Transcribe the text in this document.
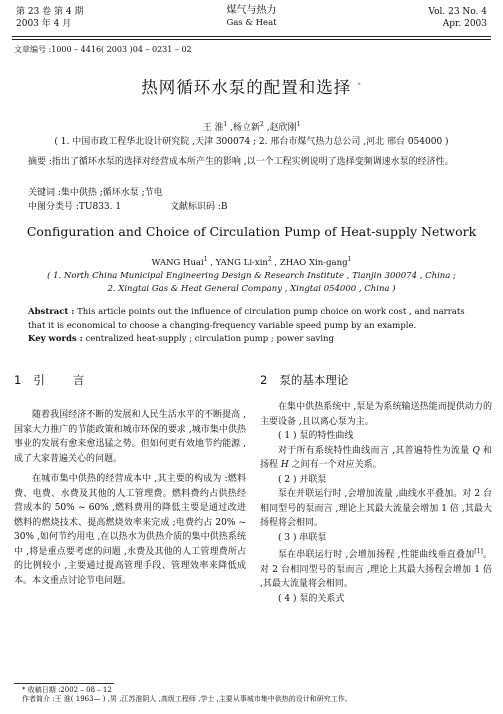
第 23 卷 第 4 期
2003 年 4 月
煤气与热力
Gas & Heat
Vol. 23 No. 4
Apr. 2003
文章编号 :1000 – 4416( 2003 )04 – 0231 – 02
热网循环水泵的配置和选择 *
王 淮$^1$ ,杨立新$^2$ ,赵欣刚$^1$
( 1. 中国市政工程华北设计研究院 ,天津 300074 ; 2. 邢台市煤气热力总公司 ,河北 邢台 054000 )
摘要 :指出了循环水泵的选择对经营成本所产生的影响 ,以一个工程实例说明了选择变频调速水泵的经济性。
关键词 :集中供热 ;循环水泵 ;节电
中图分类号 :TU833. 1	文献标识码 :B
Configuration and Choice of Circulation Pump of Heat-supply Network
WANG Huai$^1$ , YANG Li-xin$^2$ , ZHAO Xin-gang$^1$
( 1. North China Municipal Engineering Design & Research Institute , Tianjin 300074 , China ;
2. Xingtai Gas & Heat General Company , Xingtai 054000 , China )
Abstract : This article points out the influence of circulation pump choice on work cost , and narrats that it is economical to choose a changing-frequency variable speed pump by an example.
Key words : centralized heat-supply ; circulation pump ; power saving
1 引言	2 泵的基本理论

随着我国经济不断的发展和人民生活水平的不断提高 ,国家大力推广的节能政策和城市环保的要求 ,城市集中供热事业的发展有愈来愈迅猛之势。但如何更有效地节约能源 ,成了大家普遍关心的问题。

在城市集中供热的经营成本中 ,其主要的构成为 :燃料费、电费、水费及其他的人工管理费。燃料费约占供热经营成本的 50% ~ 60% ,燃料费用的降低主要是通过改进燃料的燃烧技术、提高燃烧效率来完成 ;电费约占 20% ~ 30% ,如何节约用电 ,在以热水为供热介质的集中供热系统中 ,将是重点要考虑的问题 ,水费及其他的人工管理费所占的比例较小 ,主要通过提高管理手段、管理效率来降低成本。本文重点讨论节电问题。

在集中供热系统中 ,泵是为系统输送热能而提供动力的主要设备 ,且以离心泵为主。

( 1 ) 泵的特性曲线

对于所有系统特性曲线而言 ,其普遍特性为流量 Q 和扬程 H 之间有一个对应关系。

( 2 ) 并联泵

泵在并联运行时 ,会增加流量 ,曲线水平叠加。对 2 台相同型号的泵而言 ,理论上其最大流量会增加 1 倍 ,其最大扬程将会相同。

( 3 ) 串联泵

泵在串联运行时 ,会增加扬程 ,性能曲线垂直叠加[1]。对 2 台相同型号的泵而言 ,理论上其最大扬程会增加 1 倍 ,其最大流量将会相同。

( 4 ) 泵的关系式

* 收稿日期 :2002 – 08 – 12
作者简介 :王 淮( 1963— ) ,男 ,江苏淮阴人 ,高级工程师 ,学士 ,主要从事城市集中供热的设计和研究工作。
